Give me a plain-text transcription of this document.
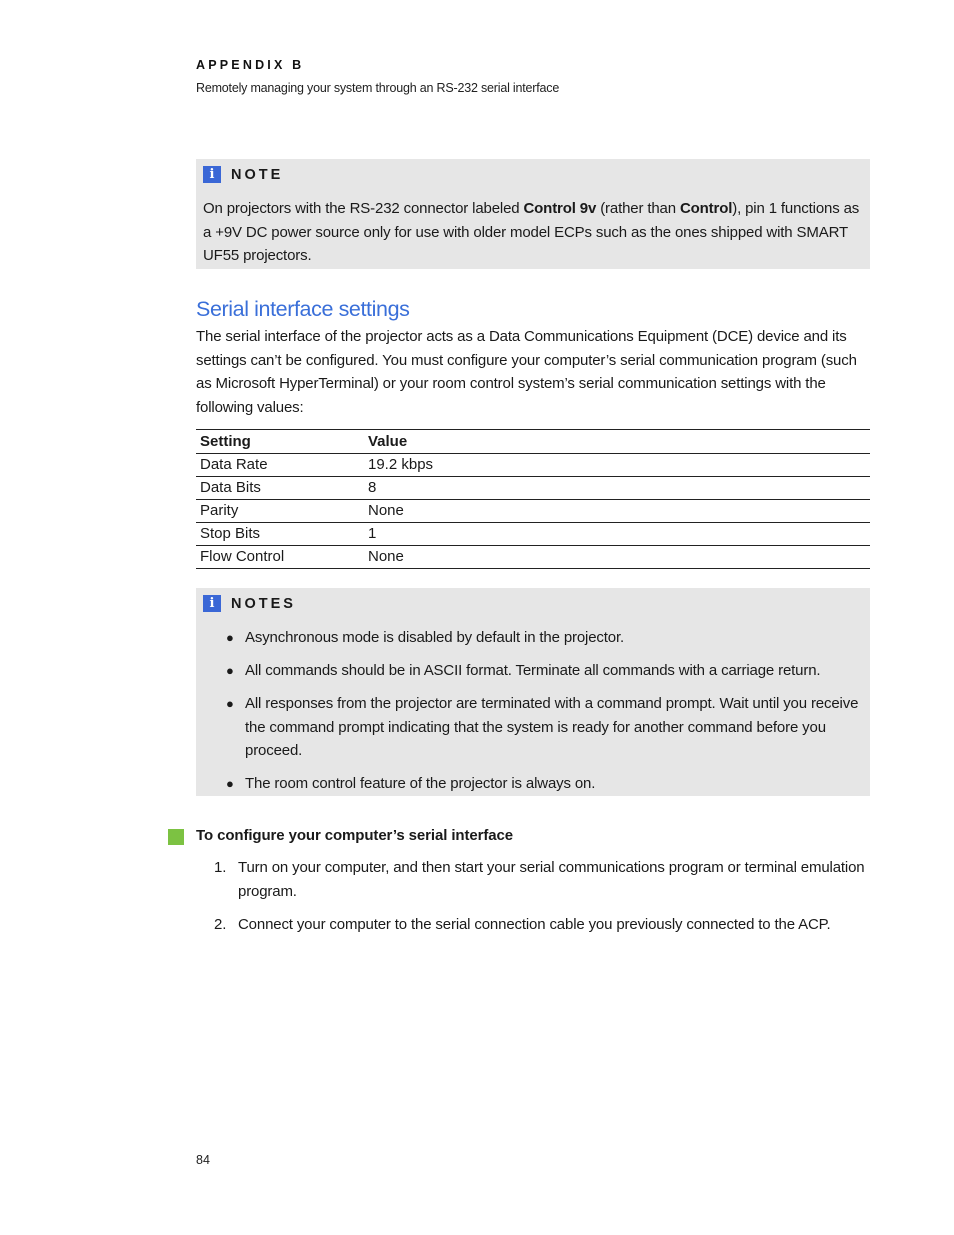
APPENDIX B
Remotely managing your system through an RS-232 serial interface
i	NOTE
On projectors with the RS-232 connector labeled Control 9v (rather than Control), pin 1 functions as a +9V DC power source only for use with older model ECPs such as the ones shipped with SMART UF55 projectors.
Serial interface settings
The serial interface of the projector acts as a Data Communications Equipment (DCE) device and its settings can’t be configured. You must configure your computer’s serial communication program (such as Microsoft HyperTerminal) or your room control system’s serial communication settings with the following values:
Setting	Value
Data Rate	19.2 kbps
Data Bits	8
Parity	None
Stop Bits	1
Flow Control	None
i	NOTES
● Asynchronous mode is disabled by default in the projector.
● All commands should be in ASCII format. Terminate all commands with a carriage return.
● All responses from the projector are terminated with a command prompt. Wait until you receive the command prompt indicating that the system is ready for another command before you proceed.
● The room control feature of the projector is always on.
To configure your computer’s serial interface
1. Turn on your computer, and then start your serial communications program or terminal emulation program.
2. Connect your computer to the serial connection cable you previously connected to the ACP.
84
